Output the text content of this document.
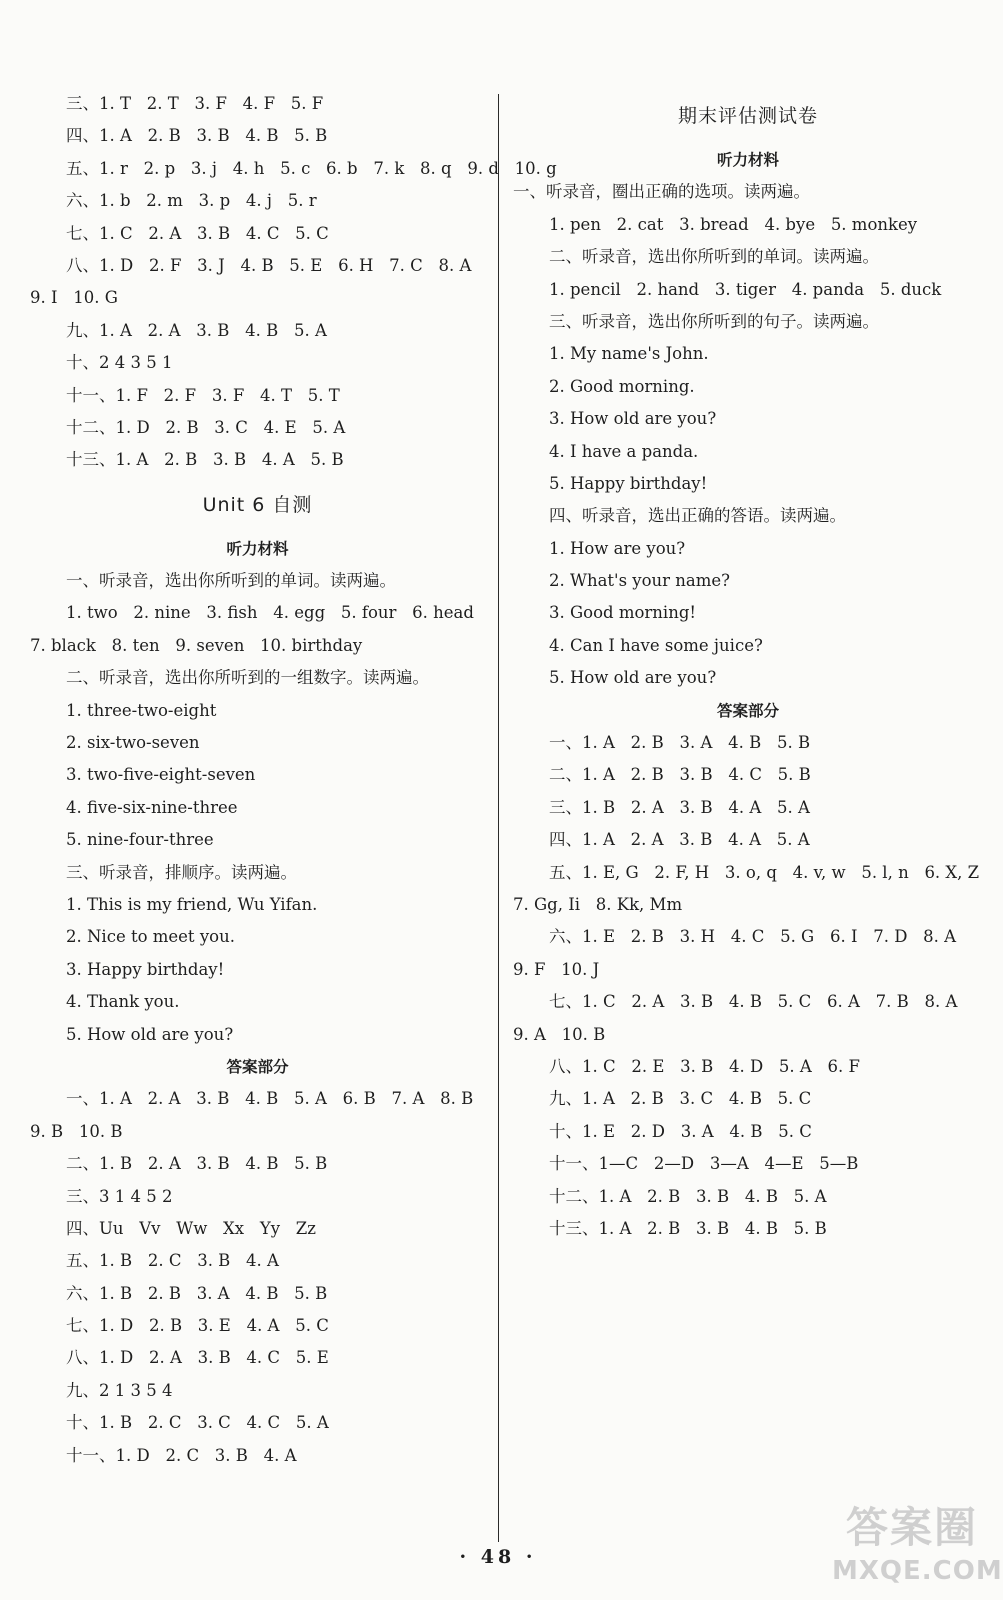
三、1. T   2. T   3. F   4. F   5. F
四、1. A   2. B   3. B   4. B   5. B
五、1. r   2. p   3. j   4. h   5. c   6. b   7. k   8. q   9. d   10. g
六、1. b   2. m   3. p   4. j   5. r
七、1. C   2. A   3. B   4. C   5. C
八、1. D   2. F   3. J   4. B   5. E   6. H   7. C   8. A
9. I   10. G
九、1. A   2. A   3. B   4. B   5. A
十、2 4 3 5 1
十一、1. F   2. F   3. F   4. T   5. T
十二、1. D   2. B   3. C   4. E   5. A
十三、1. A   2. B   3. B   4. A   5. B
Unit 6 自测
听力材料
一、听录音，选出你所听到的单词。读两遍。
1. two   2. nine   3. fish   4. egg   5. four   6. head
7. black   8. ten   9. seven   10. birthday
二、听录音，选出你所听到的一组数字。读两遍。
1. three-two-eight
2. six-two-seven
3. two-five-eight-seven
4. five-six-nine-three
5. nine-four-three
三、听录音，排顺序。读两遍。
1. This is my friend, Wu Yifan.
2. Nice to meet you.
3. Happy birthday!
4. Thank you.
5. How old are you?
答案部分
一、1. A   2. A   3. B   4. B   5. A   6. B   7. A   8. B
9. B   10. B
二、1. B   2. A   3. B   4. B   5. B
三、3 1 4 5 2
四、Uu   Vv   Ww   Xx   Yy   Zz
五、1. B   2. C   3. B   4. A
六、1. B   2. B   3. A   4. B   5. B
七、1. D   2. B   3. E   4. A   5. C
八、1. D   2. A   3. B   4. C   5. E
九、2 1 3 5 4
十、1. B   2. C   3. C   4. C   5. A
十一、1. D   2. C   3. B   4. A
期末评估测试卷
听力材料
一、听录音，圈出正确的选项。读两遍。
1. pen   2. cat   3. bread   4. bye   5. monkey
二、听录音，选出你所听到的单词。读两遍。
1. pencil   2. hand   3. tiger   4. panda   5. duck
三、听录音，选出你所听到的句子。读两遍。
1. My name's John.
2. Good morning.
3. How old are you?
4. I have a panda.
5. Happy birthday!
四、听录音，选出正确的答语。读两遍。
1. How are you?
2. What's your name?
3. Good morning!
4. Can I have some juice?
5. How old are you?
答案部分
一、1. A   2. B   3. A   4. B   5. B
二、1. A   2. B   3. B   4. C   5. B
三、1. B   2. A   3. B   4. A   5. A
四、1. A   2. A   3. B   4. A   5. A
五、1. E, G   2. F, H   3. o, q   4. v, w   5. l, n   6. X, Z
7. Gg, Ii   8. Kk, Mm
六、1. E   2. B   3. H   4. C   5. G   6. I   7. D   8. A
9. F   10. J
七、1. C   2. A   3. B   4. B   5. C   6. A   7. B   8. A
9. A   10. B
八、1. C   2. E   3. B   4. D   5. A   6. F
九、1. A   2. B   3. C   4. B   5. C
十、1. E   2. D   3. A   4. B   5. C
十一、1—C   2—D   3—A   4—E   5—B
十二、1. A   2. B   3. B   4. B   5. A
十三、1. A   2. B   3. B   4. B   5. B
· 48 ·
答案圈
MXQE.COM
